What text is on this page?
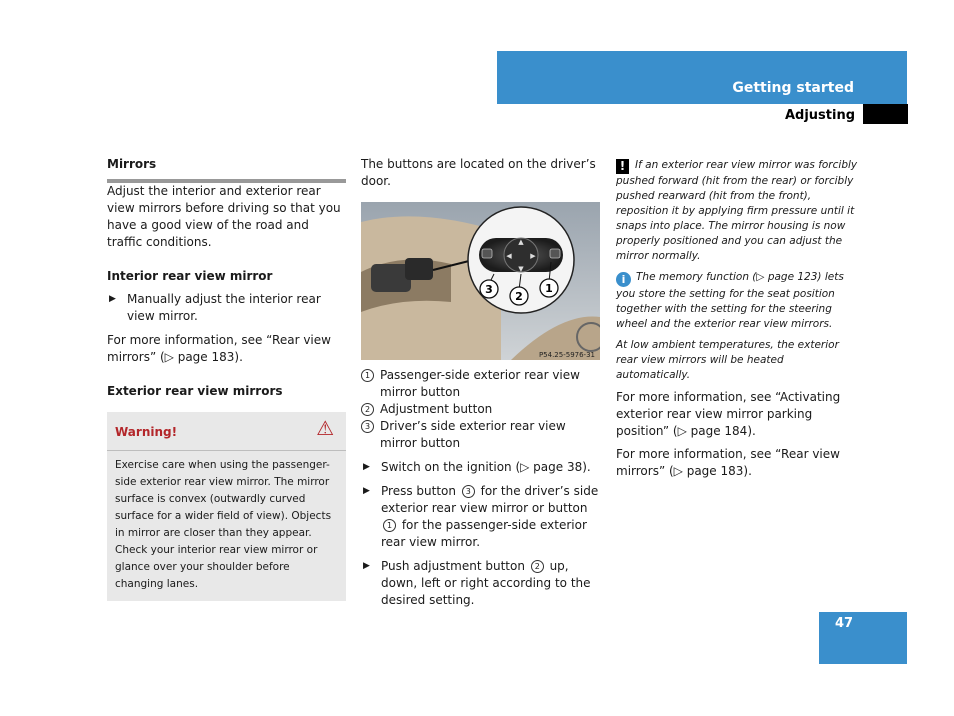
Getting started
Adjusting

Mirrors

Adjust the interior and exterior rear view mirrors before driving so that you have a good view of the road and traffic conditions.

Interior rear view mirror

▶ Manually adjust the interior rear view mirror.

For more information, see “Rear view mirrors” (▷ page 183).

Exterior rear view mirrors

Warning!	⚠
Exercise care when using the passenger-side exterior rear view mirror. The mirror surface is convex (outwardly curved surface for a wider field of view). Objects in mirror are closer than they appear. Check your interior rear view mirror or glance over your shoulder before changing lanes.

The buttons are located on the driver’s door.

▲
▼
◀	▶
3
2
1
P54.25-5976-31

1 Passenger-side exterior rear view mirror button

2 Adjustment button

3 Driver’s side exterior rear view mirror button

▶ Switch on the ignition (▷ page 38).

▶ Press button 3 for the driver’s side exterior rear view mirror or button 1 for the passenger-side exterior rear view mirror.

▶ Push adjustment button 2 up, down, left or right according to the desired setting.

! If an exterior rear view mirror was forcibly pushed forward (hit from the rear) or forcibly pushed rearward (hit from the front), reposition it by applying firm pressure until it snaps into place. The mirror housing is now properly positioned and you can adjust the mirror normally.

i The memory function (▷ page 123) lets you store the setting for the seat position together with the setting for the steering wheel and the exterior rear view mirrors.

At low ambient temperatures, the exterior rear view mirrors will be heated automatically.

For more information, see “Activating exterior rear view mirror parking position” (▷ page 184).

For more information, see “Rear view mirrors” (▷ page 183).

47
